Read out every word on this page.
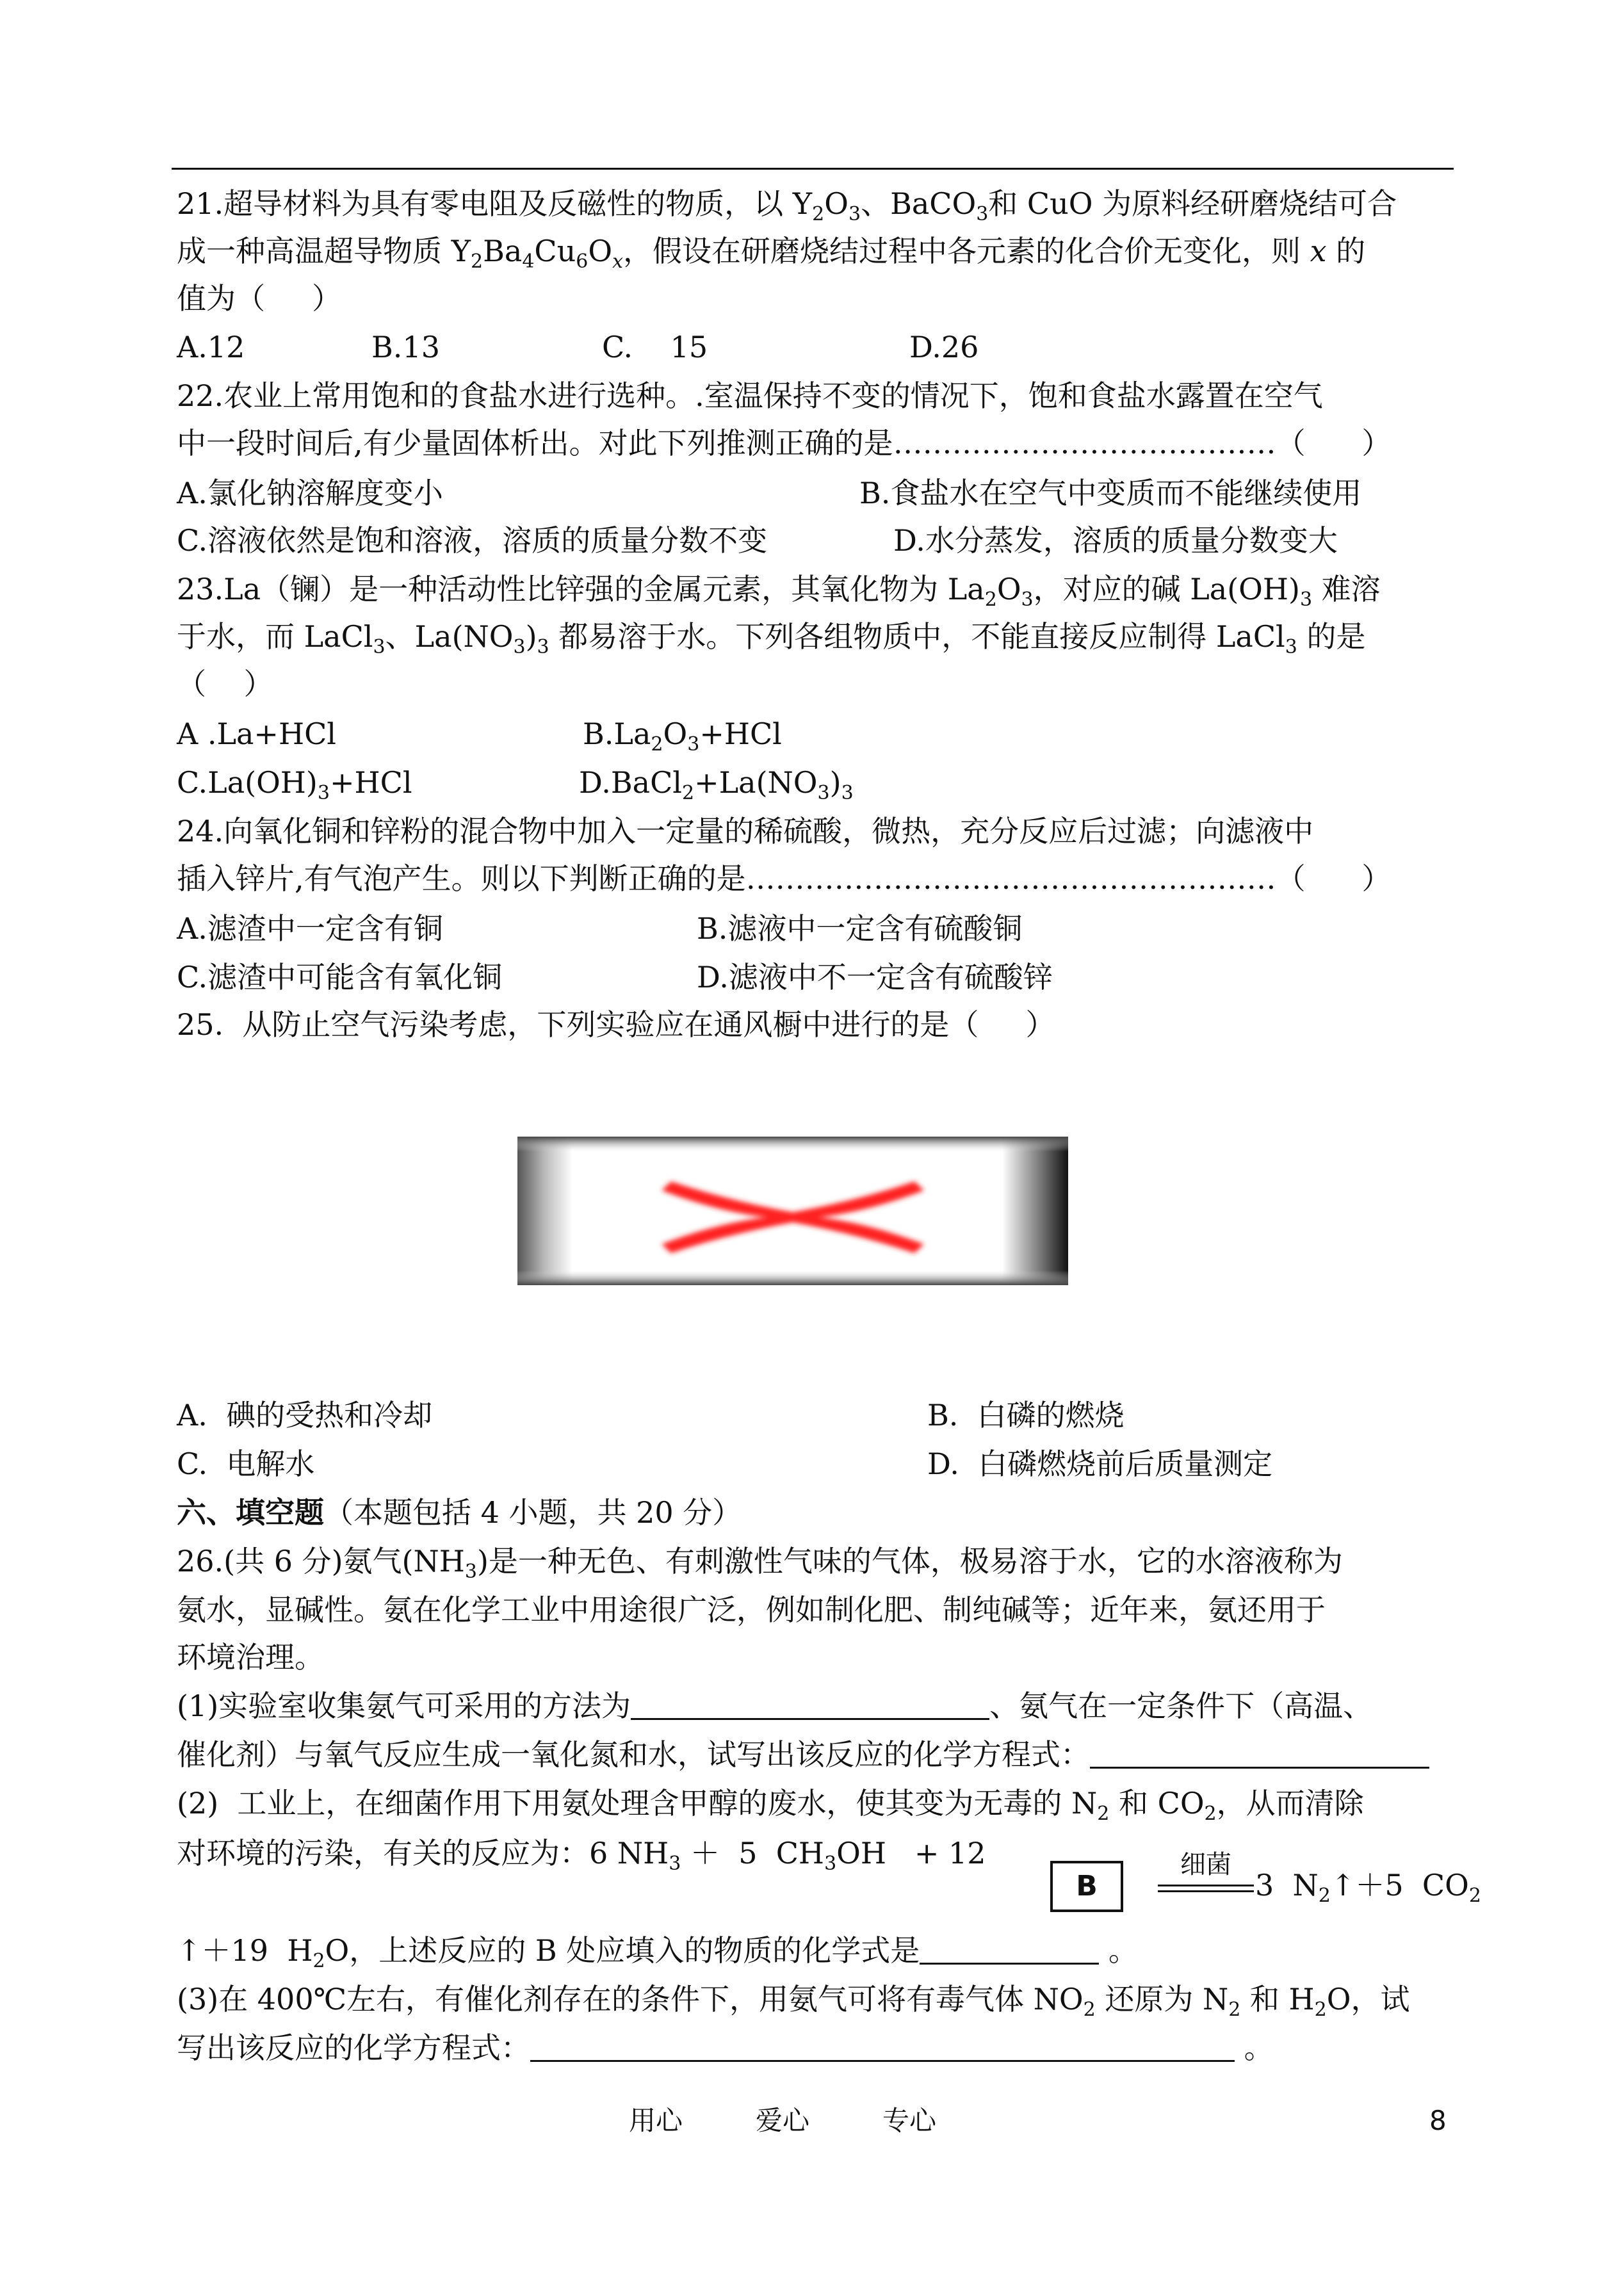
21.超导材料为具有零电阻及反磁性的物质，以 $Y_2O_3$、BaCO$_3$和 CuO 为原料经研磨烧结可合
成一种高温超导物质 $Y_2Ba_4Cu_6O_x$，假设在研磨烧结过程中各元素的化合价无变化，则 x 的
值为（     ）
A.12	B.13	C.    15	D.26
22.农业上常用饱和的食盐水进行选种。.室温保持不变的情况下，饱和食盐水露置在空气
中一段时间后,有少量固体析出。对此下列推测正确的是…………………………………（      ）
A.氯化钠溶解度变小	B.食盐水在空气中变质而不能继续使用
C.溶液依然是饱和溶液，溶质的质量分数不变	D.水分蒸发，溶质的质量分数变大
23.La（镧）是一种活动性比锌强的金属元素，其氧化物为 $La_2O_3$，对应的碱 $La(OH)_3$ 难溶
于水，而 LaCl$_3$、$La(NO_3)_3$ 都易溶于水。下列各组物质中，不能直接反应制得 LaCl$_3$ 的是
（    ）
A .La+HCl	$B.La_2O_3+HCl$
$C.La(OH)_3+HCl$	$D.BaCl_2+La(NO_3)_3$
24.向氧化铜和锌粉的混合物中加入一定量的稀硫酸，微热，充分反应后过滤；向滤液中
插入锌片,有气泡产生。则以下判断正确的是………………………………………………（      ）
A.滤渣中一定含有铜	B.滤液中一定含有硫酸铜
C.滤渣中可能含有氧化铜	D.滤液中不一定含有硫酸锌
25.  从防止空气污染考虑，下列实验应在通风橱中进行的是（     ）
A.  碘的受热和冷却	B.  白磷的燃烧
C.  电解水	D.  白磷燃烧前后质量测定
六、填空题（本题包括 4 小题，共 20 分）
26.(共 6 分)氨气$(NH_3)$是一种无色、有刺激性气味的气体，极易溶于水，它的水溶液称为
氨水，显碱性。氨在化学工业中用途很广泛，例如制化肥、制纯碱等；近年来，氨还用于
环境治理。
(1)实验室收集氨气可采用的方法为	、氨气在一定条件下（高温、
催化剂）与氧气反应生成一氧化氮和水，试写出该反应的化学方程式：
(2)  工业上，在细菌作用下用氨处理含甲醇的废水，使其变为无毒的 $N_2$ 和 $CO_2$，从而清除
对环境的污染，有关的反应为：6 $NH_3 + 5$  $CH_3OH + 12$
B
细菌
3  $N_2↑+5$  $CO_2$
↑＋19  $H_2O$，上述反应的 B 处应填入的物质的化学式是	。
(3)在 400℃左右，有催化剂存在的条件下，用氨气可将有毒气体 $NO_2$ 还原为 $N_2$ 和 $H_2O$，试
写出该反应的化学方程式：	。
用心	爱心	专心	8
